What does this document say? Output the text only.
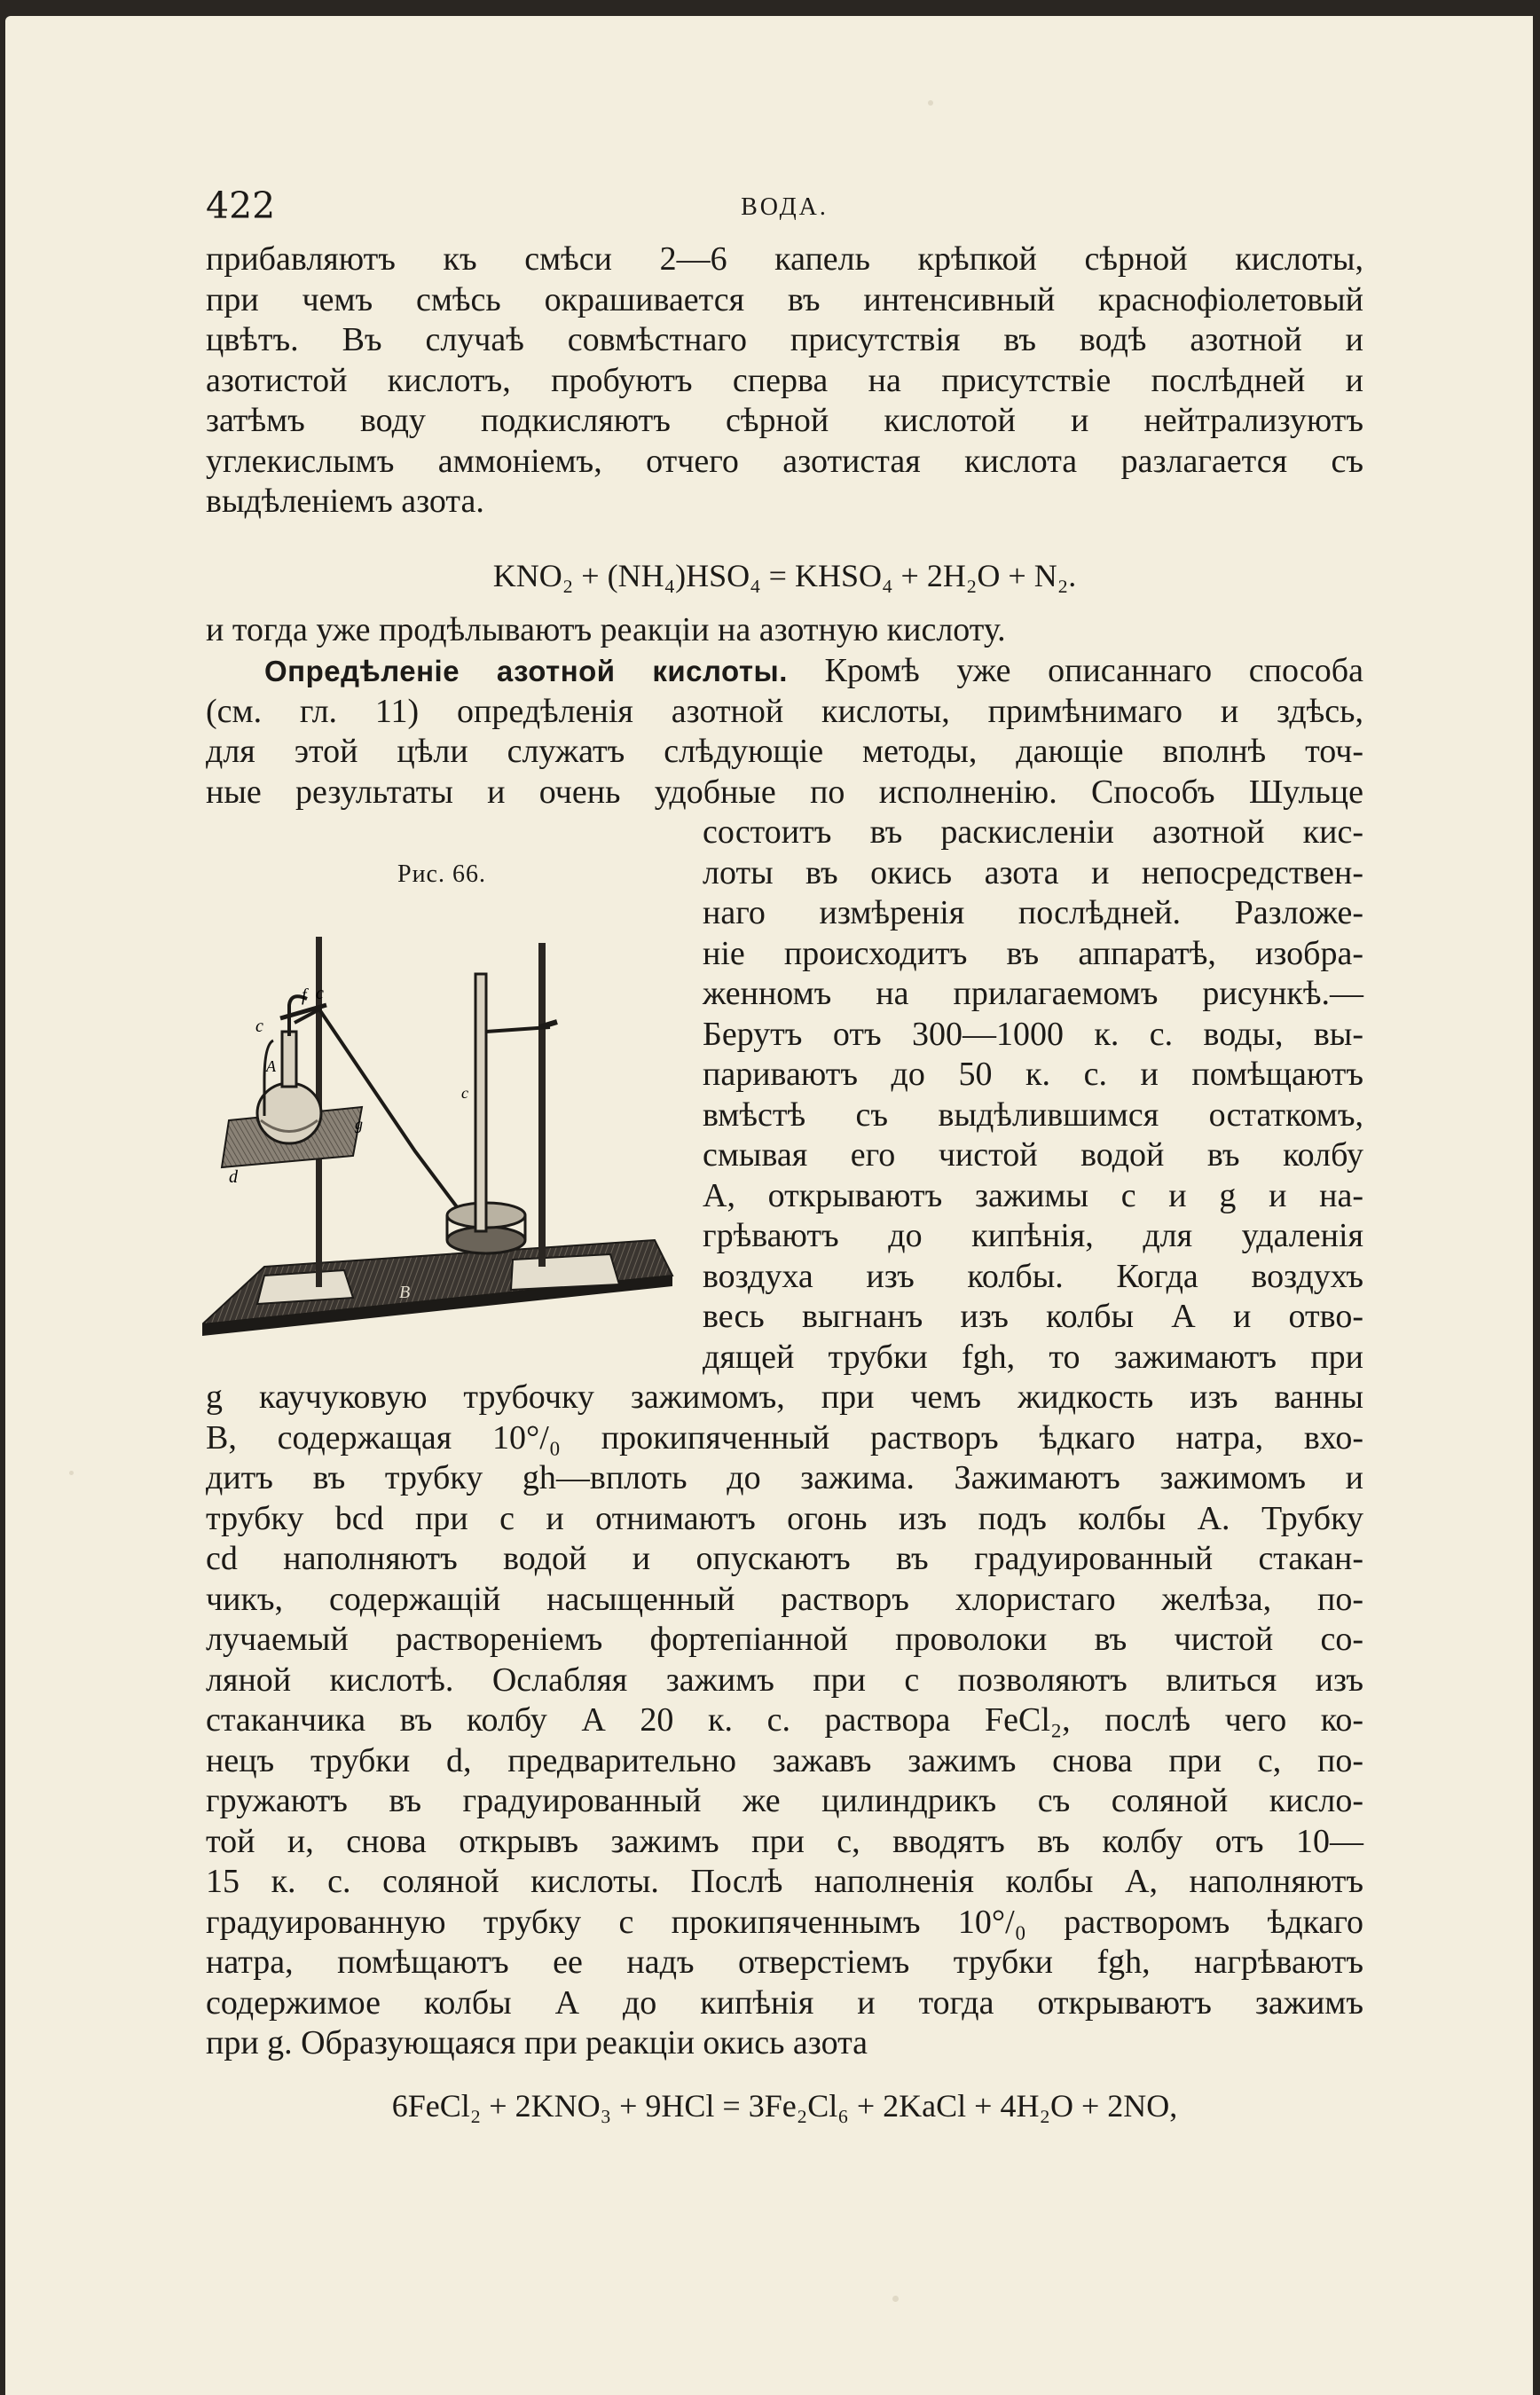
422	ВОДА.
прибавляютъ къ смѣси 2—6 капель крѣпкой сѣрной кислоты,
при чемъ смѣсь окрашивается въ интенсивный краснофіолетовый
цвѣтъ. Въ случаѣ совмѣстнаго присутствія въ водѣ азотной и
азотистой кислотъ, пробуютъ сперва на присутствіе послѣдней и
затѣмъ воду подкисляютъ сѣрной кислотой и нейтрализуютъ
углекислымъ аммоніемъ, отчего азотистая кислота разлагается съ
выдѣленіемъ азота.
KNO₂ + (NH₄)HSO₄ = KHSO₄ + 2H₂O + N₂.
и тогда уже продѣлываютъ реакціи на азотную кислоту.
Опредѣленіе азотной кислоты. Кромѣ уже описаннаго способа
(см. гл. 11) опредѣленія азотной кислоты, примѣнимаго и здѣсь,
для этой цѣли служатъ слѣдующіе методы, дающіе вполнѣ точ-
ные результаты и очень удобные по исполненію. Способъ Шульце
Рис. 66.
c
f c
A
g
d
c
B
состоитъ въ раскисленіи азотной кис-
лоты въ окись азота и непосредствен-
наго измѣренія послѣдней. Разложе-
ніе происходитъ въ аппаратѣ, изобра-
женномъ на прилагаемомъ рисункѣ.—
Берутъ отъ 300—1000 к. с. воды, вы-
париваютъ до 50 к. с. и помѣщаютъ
вмѣстѣ съ выдѣлившимся остаткомъ,
смывая его чистой водой въ колбу
А, открываютъ зажимы c и g и на-
грѣваютъ до кипѣнія, для удаленія
воздуха изъ колбы. Когда воздухъ
весь выгнанъ изъ колбы А и отво-
дящей трубки fgh, то зажимаютъ при
g каучуковую трубочку зажимомъ, при чемъ жидкость изъ ванны
B, содержащая 10°/₀ прокипяченный растворъ ѣдкаго натра, вхо-
дитъ въ трубку gh—вплоть до зажима. Зажимаютъ зажимомъ и
трубку bcd при c и отнимаютъ огонь изъ подъ колбы А. Трубку
cd наполняютъ водой и опускаютъ въ градуированный стакан-
чикъ, содержащій насыщенный растворъ хлористаго желѣза, по-
лучаемый раствореніемъ фортепіанной проволоки въ чистой со-
ляной кислотѣ. Ослабляя зажимъ при c позволяютъ влиться изъ
стаканчика въ колбу А 20 к. с. раствора FeCl₂, послѣ чего ко-
нецъ трубки d, предварительно зажавъ зажимъ снова при c, по-
гружаютъ въ градуированный же цилиндрикъ съ соляной кисло-
той и, снова открывъ зажимъ при c, вводятъ въ колбу отъ 10—
15 к. с. соляной кислоты. Послѣ наполненія колбы А, наполняютъ
градуированную трубку c прокипяченнымъ 10°/₀ растворомъ ѣдкаго
натра, помѣщаютъ ее надъ отверстіемъ трубки fgh, нагрѣваютъ
содержимое колбы А до кипѣнія и тогда открываютъ зажимъ
при g. Образующаяся при реакціи окись азота
6FeCl₂ + 2KNO₃ + 9HCl = 3Fe₂Cl₆ + 2KaCl + 4H₂O + 2NO,
